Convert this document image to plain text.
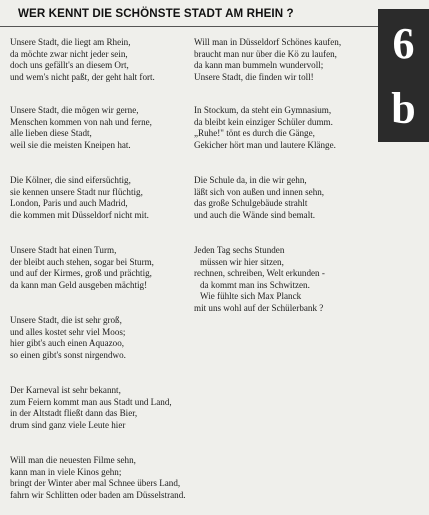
WER KENNT DIE SCHÖNSTE STADT AM RHEIN ?
6
b
Unsere Stadt, die liegt am Rhein,
da möchte zwar nicht jeder sein,
doch uns gefällt's an diesem Ort,
und wem's nicht paßt, der geht halt fort.
Unsere Stadt, die mögen wir gerne,
Menschen kommen von nah und ferne,
alle lieben diese Stadt,
weil sie die meisten Kneipen hat.
Die Kölner, die sind eifersüchtig,
sie kennen unsere Stadt nur flüchtig,
London, Paris und auch Madrid,
die kommen mit Düsseldorf nicht mit.
Unsere Stadt hat einen Turm,
der bleibt auch stehen, sogar bei Sturm,
und auf der Kirmes, groß und prächtig,
da kann man Geld ausgeben mächtig!
Unsere Stadt, die ist sehr groß,
und alles kostet sehr viel Moos;
hier gibt's auch einen Aquazoo,
so einen gibt's sonst nirgendwo.
Der Karneval ist sehr bekannt,
zum Feiern kommt man aus Stadt und Land,
in der Altstadt fließt dann das Bier,
drum sind ganz viele Leute hier
Will man die neuesten Filme sehn,
kann man in viele Kinos gehn;
bringt der Winter aber mal Schnee übers Land,
fahrn wir Schlitten oder baden am Düsselstrand.
Will man in Düsseldorf Schönes kaufen,
braucht man nur über die Kö zu laufen,
da kann man bummeln wundervoll;
Unsere Stadt, die finden wir toll!
In Stockum, da steht ein Gymnasium,
da bleibt kein einziger Schüler dumm.
„Ruhe!" tönt es durch die Gänge,
Gekicher hört man und lautere Klänge.
Die Schule da, in die wir gehn,
läßt sich von außen und innen sehn,
das große Schulgebäude strahlt
und auch die Wände sind bemalt.
Jeden Tag sechs Stunden
müssen wir hier sitzen,
rechnen, schreiben, Welt erkunden -
da kommt man ins Schwitzen.
Wie fühlte sich Max Planck
mit uns wohl auf der Schülerbank ?
